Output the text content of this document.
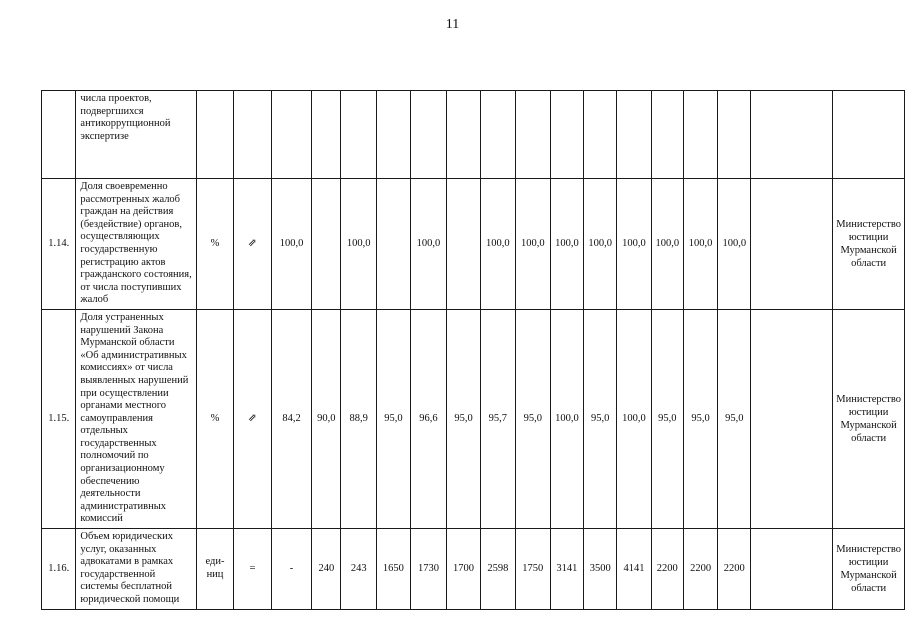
11
	числа проектов, подвергшихся антикоррупционной экспертизе																		
1.14.	Доля своевременно рассмотренных жалоб граждан на действия (бездействие) органов, осуществляющих государственную регистрацию актов гражданского состояния, от числа поступивших жалоб	%	⇗	100,0		100,0		100,0		100,0	100,0	100,0	100,0	100,0	100,0	100,0	100,0		Министерство юстиции Мурманской области
1.15.	Доля устраненных нарушений Закона Мурманской области «Об административных комиссиях» от числа выявленных нарушений при осуществлении органами местного самоуправления отдельных государственных полномочий по организационному обеспечению деятельности административных комиссий	%	⇗	84,2	90,0	88,9	95,0	96,6	95,0	95,7	95,0	100,0	95,0	100,0	95,0	95,0	95,0		Министерство юстиции Мурманской области
1.16.	Объем юридических услуг, оказанных адвокатами в рамках государственной системы бесплатной юридической помощи	еди-ниц	=	-	240	243	1650	1730	1700	2598	1750	3141	3500	4141	2200	2200	2200		Министерство юстиции Мурманской области
